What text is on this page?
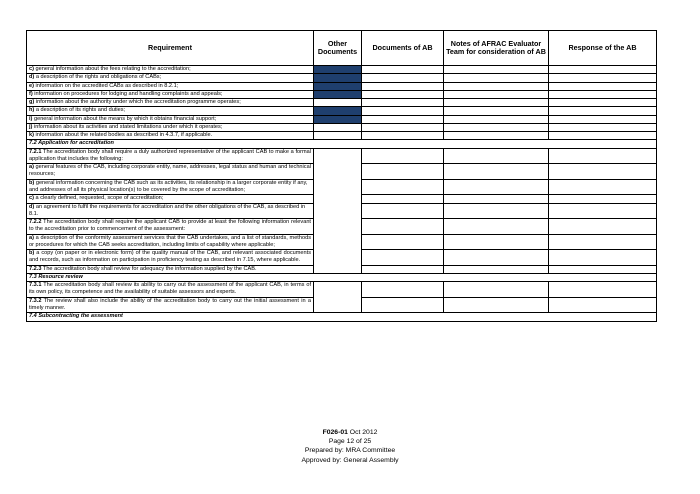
Requirement	Other Documents	Documents of AB	Notes of AFRAC Evaluator Team for consideration of AB	Response of the AB
c) general information about the fees relating to the accreditation;				
d) a description of the rights and obligations of CABs;				
e) information on the accredited CABs as described in 8.2.1;				
f) information on procedures for lodging and handling complaints and appeals;				
g) information about the authority under which the accreditation programme operates;				
h) a description of its rights and duties;				
i) general information about the means by which it obtains financial support;				
j) information about its activities and stated limitations under which it operates;				
k) information about the related bodies as described in 4.3.7, if applicable.				
7.2 Application for accreditation				
7.2.1 The accreditation body shall require a duly authorized representative of the applicant CAB to make a formal application that includes the following:				
a) general features of the CAB, including corporate entity, name, addresses, legal status and human and technical resources;				
b) general information concerning the CAB such as its activities, its relationship in a larger corporate entity if any, and addresses of all its physical location(s) to be covered by the scope of accreditation;				
c) a clearly defined, requested, scope of accreditation;				
d) an agreement to fulfil the requirements for accreditation and the other obligations of the CAB, as described in 8.1.				
7.2.2 The accreditation body shall require the applicant CAB to provide at least the following information relevant to the accreditation prior to commencement of the assessment:				
a) a description of the conformity assessment services that the CAB undertakes, and a list of standards, methods or procedures for which the CAB seeks accreditation, including limits of capability where applicable;				
b) a copy (on paper or in electronic form) of the quality manual of the CAB, and relevant associated documents and records, such as information on participation in proficiency testing as described in 7.15, where applicable.				
7.2.3 The accreditation body shall review for adequacy the information supplied by the CAB.				
7.3 Resource review				
7.3.1 The accreditation body shall review its ability to carry out the assessment of the applicant CAB, in terms of its own policy, its competence and the availability of suitable assessors and experts.				
7.3.2 The review shall also include the ability of the accreditation body to carry out the initial assessment in a timely manner.				
7.4 Subcontracting the assessment				
F026-01 Oct 2012
Page 12 of 25
Prepared by: MRA Committee
Approved by: General Assembly
